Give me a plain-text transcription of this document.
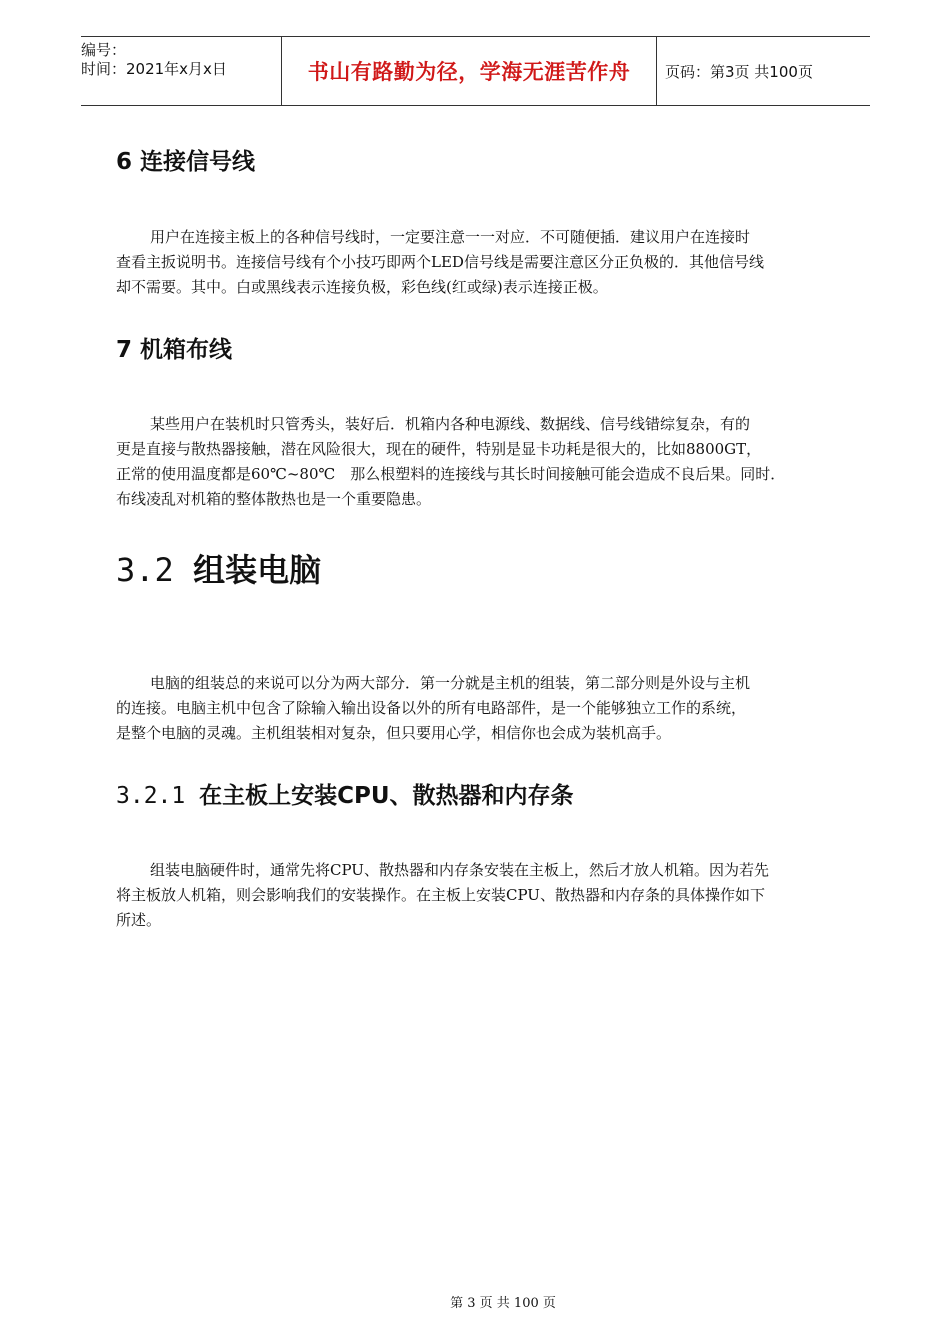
编号：
时间：2021年x月x日	书山有路勤为径，学海无涯苦作舟	页码：第3页 共100页
6 连接信号线
用户在连接主板上的各种信号线时，一定要注意一一对应．不可随便插．建议用户在连接时
查看主扳说明书。连接信号线有个小技巧即两个LED信号线是需要注意区分正负极的．其他信号线
却不需要。其中。白或黑线表示连接负极，彩色线(红或绿)表示连接正极。
7 机箱布线
某些用户在装机时只管秀头，装好后．机箱内各种电源线、数据线、信号线错综复杂，有的
更是直接与散热器接触，潜在风险很大，现在的硬件，特别是显卡功耗是很大的，比如8800GT，
正常的使用温度都是60℃~80℃　那么根塑料的连接线与其长时间接触可能会造成不良后果。同时．
布线凌乱对机箱的整体散热也是一个重要隐患。
3.2 组装电脑
电脑的组装总的来说可以分为两大部分．第一分就是主机的组装，第二部分则是外设与主机
的连接。电脑主机中包含了除输入输出设备以外的所有电路部件，是一个能够独立工作的系统，
是整个电脑的灵魂。主机组装相对复杂，但只要用心学，相信你也会成为装机高手。
3.2.1 在主板上安装CPU、散热器和内存条
组装电脑硬件时，通常先将CPU、散热器和内存条安装在主板上，然后才放人机箱。因为若先
将主板放人机箱，则会影响我们的安装操作。在主板上安装CPU、散热器和内存条的具体操作如下
所述。
第 3 页 共 100 页
